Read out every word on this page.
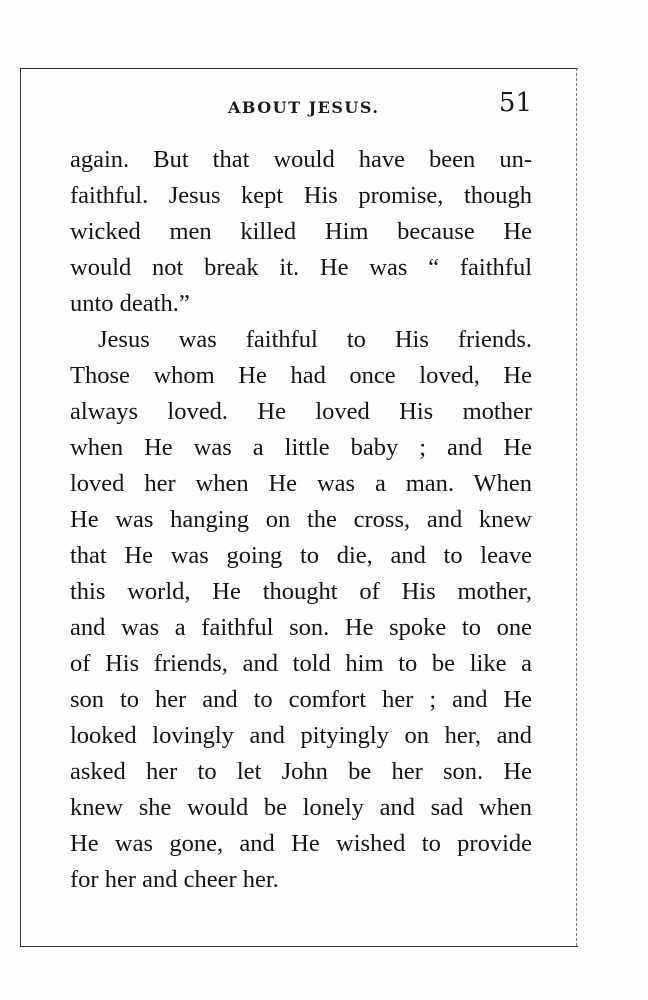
ABOUT JESUS.	51
again. But that would have been un-
faithful. Jesus kept His promise, though
wicked men killed Him because He
would not break it. He was “ faithful
unto death.”
Jesus was faithful to His friends.
Those whom He had once loved, He
always loved. He loved His mother
when He was a little baby ; and He
loved her when He was a man. When
He was hanging on the cross, and knew
that He was going to die, and to leave
this world, He thought of His mother,
and was a faithful son. He spoke to one
of His friends, and told him to be like a
son to her and to comfort her ; and He
looked lovingly and pityingly on her, and
asked her to let John be her son. He
knew she would be lonely and sad when
He was gone, and He wished to provide
for her and cheer her.
